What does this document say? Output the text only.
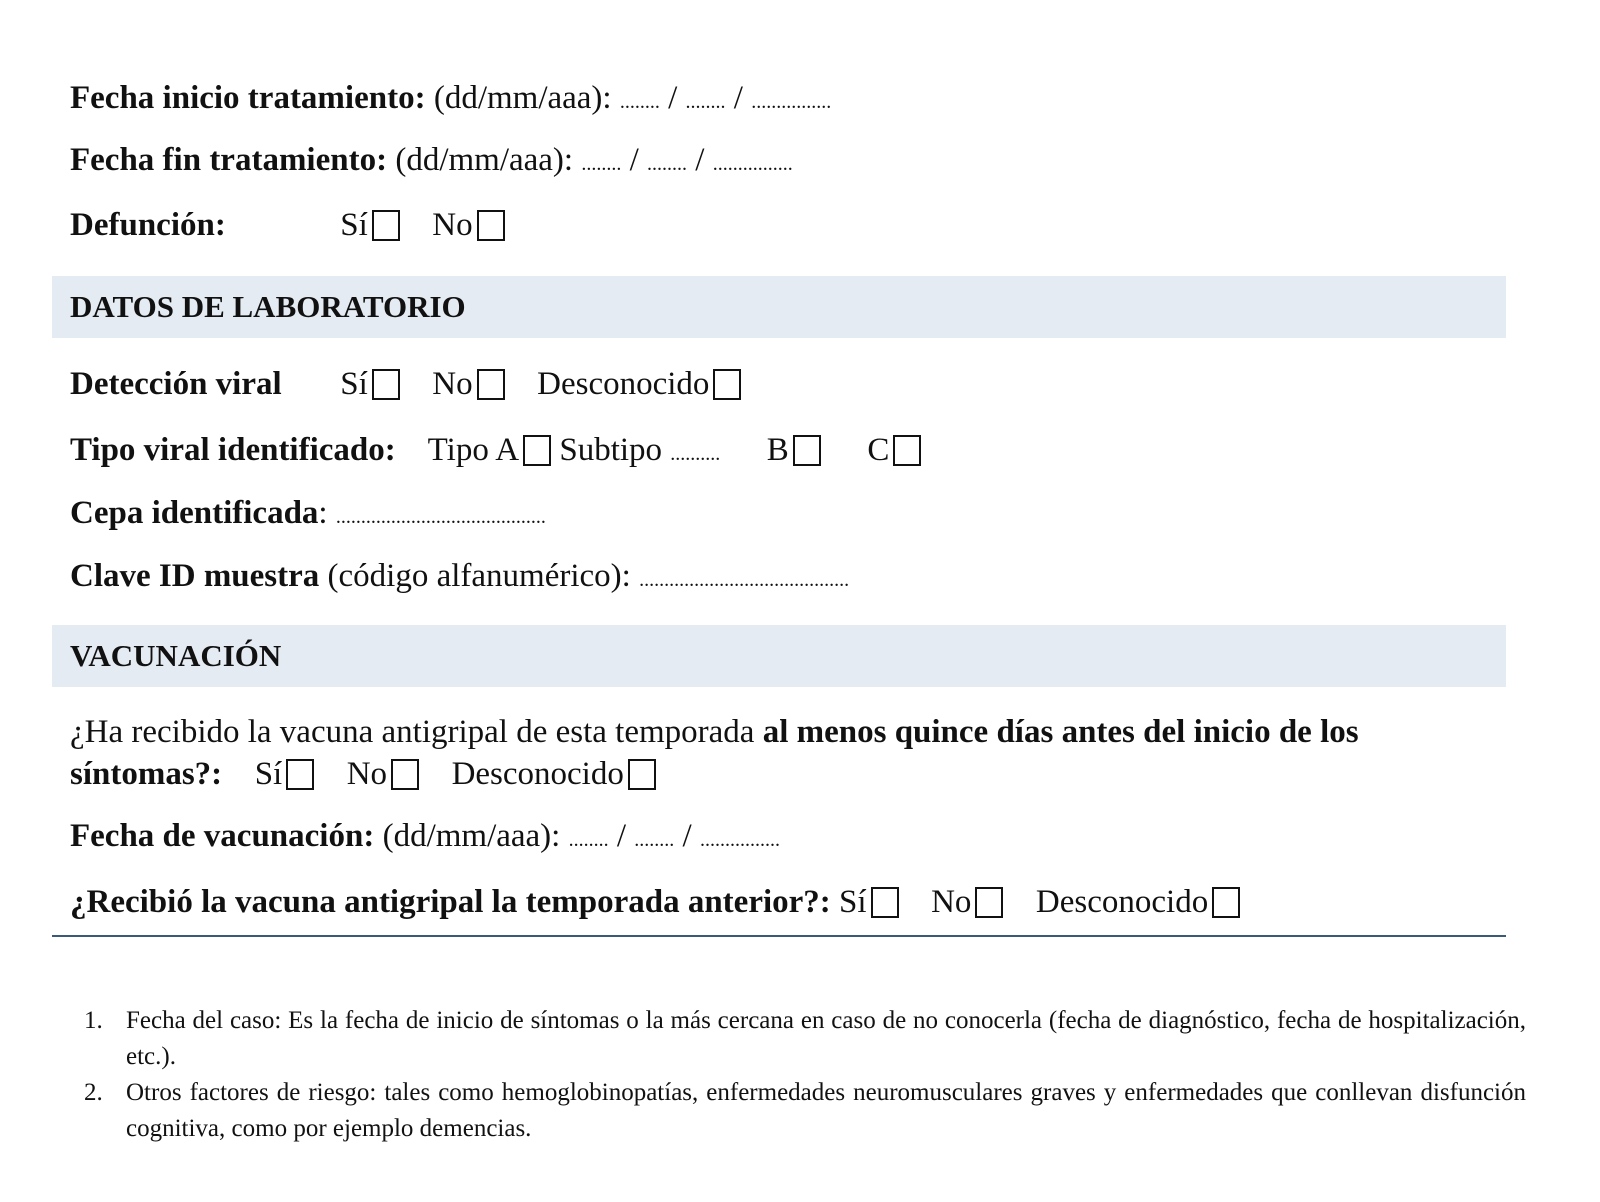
Fecha inicio tratamiento: (dd/mm/aaa): ........ / ........ / ................
Fecha fin tratamiento: (dd/mm/aaa): ........ / ........ / ................
Defunción:	Sí No
DATOS DE LABORATORIO
Detección viral Sí No Desconocido
Tipo viral identificado: Tipo A Subtipo .......... B C
Cepa identificada: ..........................................
Clave ID muestra (código alfanumérico): ..........................................
VACUNACIÓN
¿Ha recibido la vacuna antigripal de esta temporada al menos quince días antes del inicio de los
síntomas?: Sí No Desconocido
Fecha de vacunación: (dd/mm/aaa): ........ / ........ / ................
¿Recibió la vacuna antigripal la temporada anterior?: Sí No Desconocido
1. Fecha del caso: Es la fecha de inicio de síntomas o la más cercana en caso de no conocerla (fecha de diagnóstico, fecha de hospitalización, etc.).
2. Otros factores de riesgo: tales como hemoglobinopatías, enfermedades neuromusculares graves y enfermedades que conllevan disfunción cognitiva, como por ejemplo demencias.
